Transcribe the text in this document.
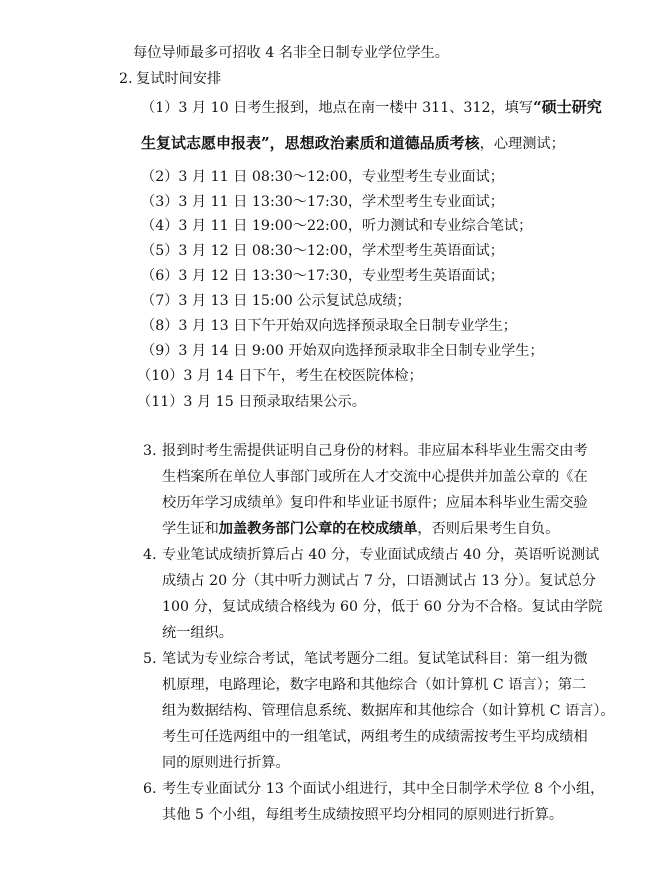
每位导师最多可招收 4 名非全日制专业学位学生。
2. 复试时间安排
（1）3 月 10 日考生报到，地点在南一楼中 311、312，填写“硕士研究
生复试志愿申报表”，思想政治素质和道德品质考核，心理测试；
（2）3 月 11 日 08:30～12:00，专业型考生专业面试；
（3）3 月 11 日 13:30～17:30，学术型考生专业面试；
（4）3 月 11 日 19:00～22:00，听力测试和专业综合笔试；
（5）3 月 12 日 08:30～12:00，学术型考生英语面试；
（6）3 月 12 日 13:30～17:30，专业型考生英语面试；
（7）3 月 13 日 15:00 公示复试总成绩；
（8）3 月 13 日下午开始双向选择预录取全日制专业学生；
（9）3 月 14 日 9:00 开始双向选择预录取非全日制专业学生；
（10）3 月 14 日下午，考生在校医院体检；
（11）3 月 15 日预录取结果公示。
3. 报到时考生需提供证明自己身份的材料。非应届本科毕业生需交由考
生档案所在单位人事部门或所在人才交流中心提供并加盖公章的《在
校历年学习成绩单》复印件和毕业证书原件；应届本科毕业生需交验
学生证和加盖教务部门公章的在校成绩单，否则后果考生自负。
4. 专业笔试成绩折算后占 40 分，专业面试成绩占 40 分，英语听说测试
成绩占 20 分（其中听力测试占 7 分，口语测试占 13 分）。复试总分
100 分，复试成绩合格线为 60 分，低于 60 分为不合格。复试由学院
统一组织。
5. 笔试为专业综合考试，笔试考题分二组。复试笔试科目：第一组为微
机原理，电路理论，数字电路和其他综合（如计算机 C 语言）；第二
组为数据结构、管理信息系统、数据库和其他综合（如计算机 C 语言）。
考生可任选两组中的一组笔试，两组考生的成绩需按考生平均成绩相
同的原则进行折算。
6. 考生专业面试分 13 个面试小组进行，其中全日制学术学位 8 个小组，
其他 5 个小组，每组考生成绩按照平均分相同的原则进行折算。
